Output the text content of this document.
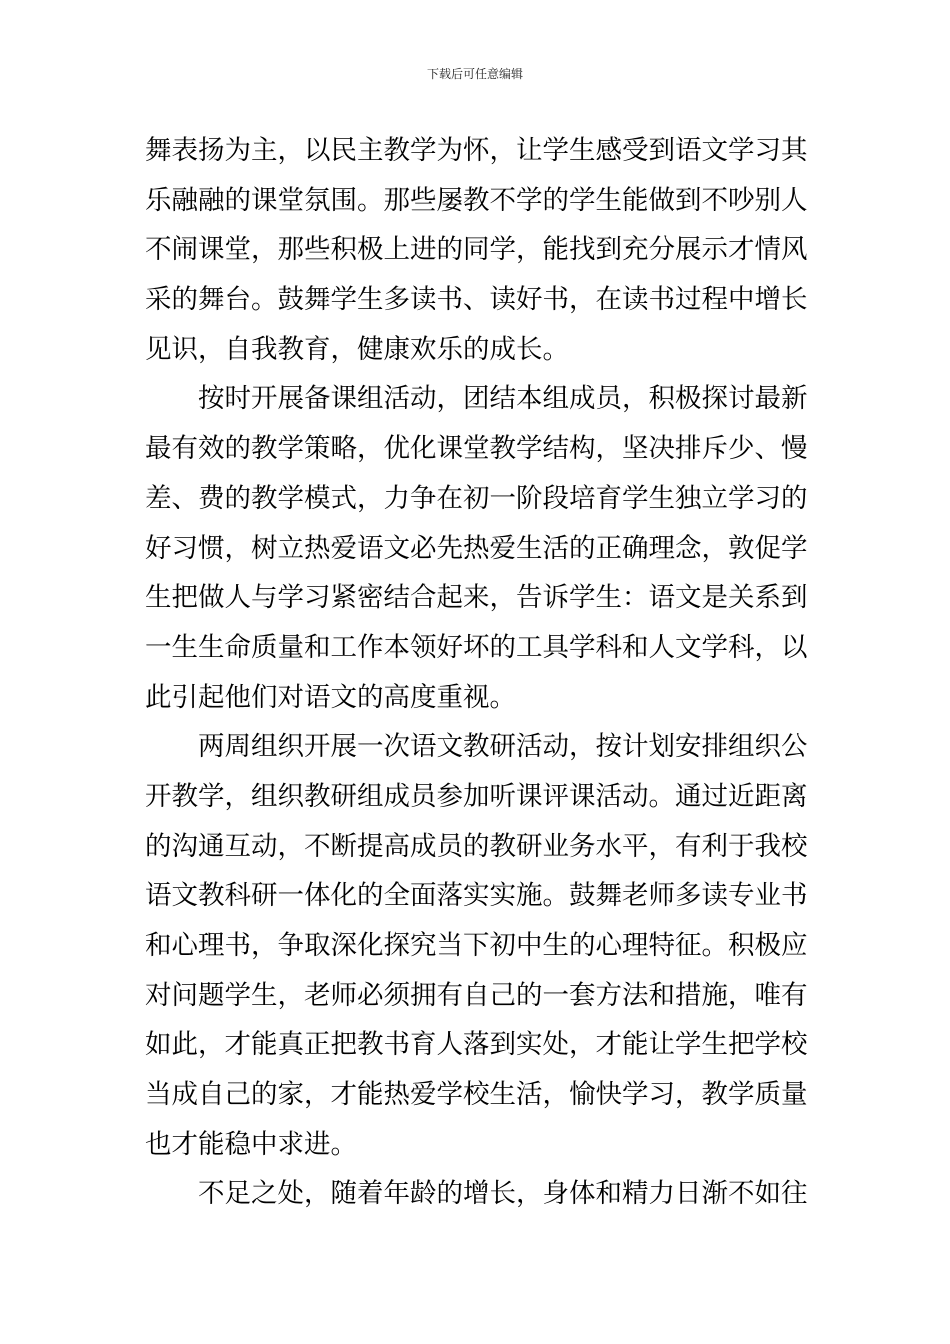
下载后可任意编辑
舞表扬为主，以民主教学为怀，让学生感受到语文学习其
乐融融的课堂氛围。那些屡教不学的学生能做到不吵别人
不闹课堂，那些积极上进的同学，能找到充分展示才情风
采的舞台。鼓舞学生多读书、读好书，在读书过程中增长
见识，自我教育，健康欢乐的成长。
按时开展备课组活动，团结本组成员，积极探讨最新
最有效的教学策略，优化课堂教学结构，坚决排斥少、慢
差、费的教学模式，力争在初一阶段培育学生独立学习的
好习惯，树立热爱语文必先热爱生活的正确理念，敦促学
生把做人与学习紧密结合起来，告诉学生：语文是关系到
一生生命质量和工作本领好坏的工具学科和人文学科，以
此引起他们对语文的高度重视。
两周组织开展一次语文教研活动，按计划安排组织公
开教学，组织教研组成员参加听课评课活动。通过近距离
的沟通互动，不断提高成员的教研业务水平，有利于我校
语文教科研一体化的全面落实实施。鼓舞老师多读专业书
和心理书，争取深化探究当下初中生的心理特征。积极应
对问题学生，老师必须拥有自己的一套方法和措施，唯有
如此，才能真正把教书育人落到实处，才能让学生把学校
当成自己的家，才能热爱学校生活，愉快学习，教学质量
也才能稳中求进。
不足之处，随着年龄的增长，身体和精力日渐不如往
